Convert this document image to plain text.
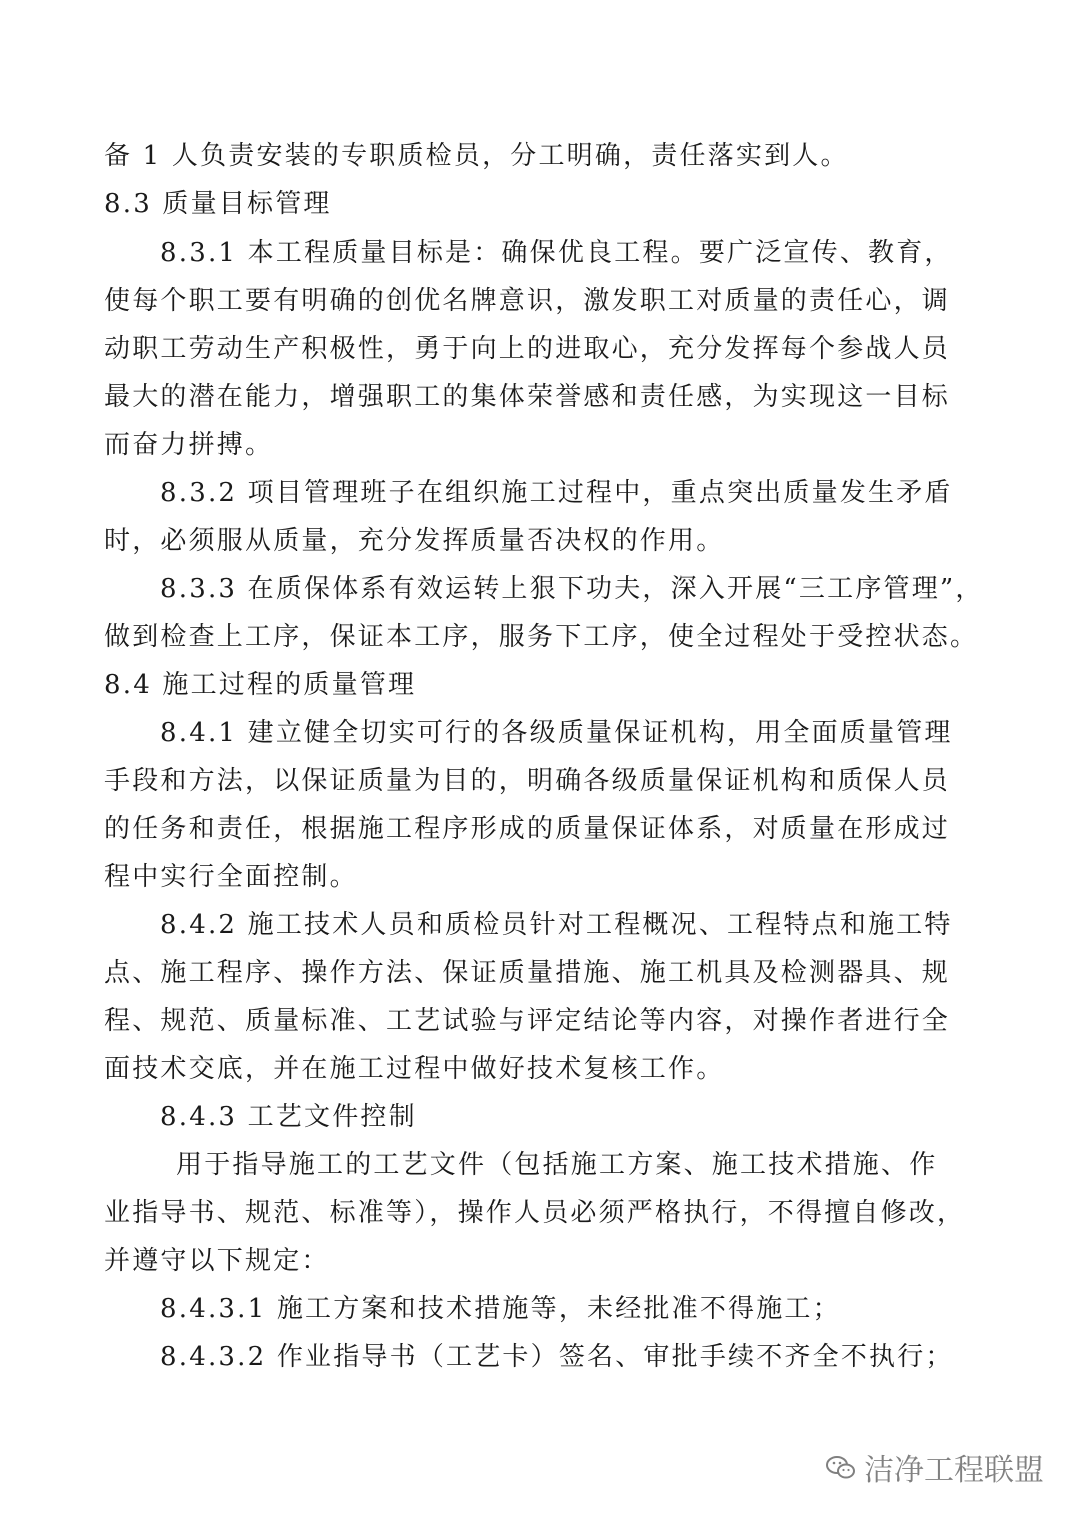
备 1 人负责安装的专职质检员，分工明确，责任落实到人。
8.3 质量目标管理
8.3.1 本工程质量目标是：确保优良工程。要广泛宣传、教育，
使每个职工要有明确的创优名牌意识，激发职工对质量的责任心，调
动职工劳动生产积极性，勇于向上的进取心，充分发挥每个参战人员
最大的潜在能力，增强职工的集体荣誉感和责任感，为实现这一目标
而奋力拼搏。
8.3.2 项目管理班子在组织施工过程中，重点突出质量发生矛盾
时，必须服从质量，充分发挥质量否决权的作用。
8.3.3 在质保体系有效运转上狠下功夫，深入开展“三工序管理”，
做到检查上工序，保证本工序，服务下工序，使全过程处于受控状态。
8.4 施工过程的质量管理
8.4.1 建立健全切实可行的各级质量保证机构，用全面质量管理
手段和方法，以保证质量为目的，明确各级质量保证机构和质保人员
的任务和责任，根据施工程序形成的质量保证体系，对质量在形成过
程中实行全面控制。
8.4.2 施工技术人员和质检员针对工程概况、工程特点和施工特
点、施工程序、操作方法、保证质量措施、施工机具及检测器具、规
程、规范、质量标准、工艺试验与评定结论等内容，对操作者进行全
面技术交底，并在施工过程中做好技术复核工作。
8.4.3 工艺文件控制
用于指导施工的工艺文件（包括施工方案、施工技术措施、作
业指导书、规范、标准等），操作人员必须严格执行，不得擅自修改，
并遵守以下规定：
8.4.3.1 施工方案和技术措施等，未经批准不得施工；
8.4.3.2 作业指导书（工艺卡）签名、审批手续不齐全不执行；
洁净工程联盟
